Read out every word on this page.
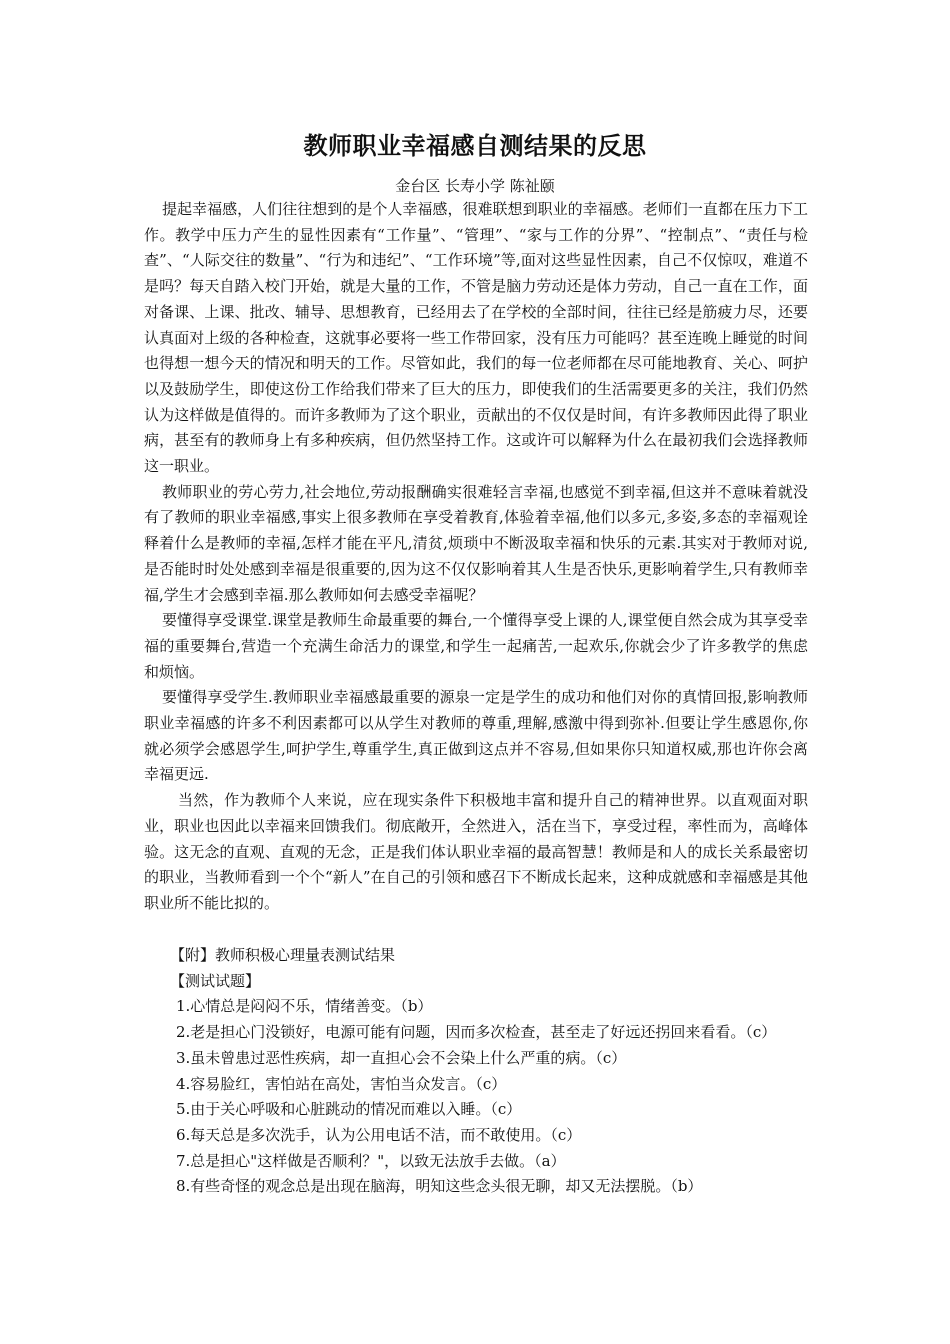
教师职业幸福感自测结果的反思
金台区 长寿小学 陈祉颐

提起幸福感，人们往往想到的是个人幸福感，很难联想到职业的幸福感。老师们一直都在压力下工作。教学中压力产生的显性因素有“工作量”、“管理”、“家与工作的分界”、“控制点”、“责任与检查”、“人际交往的数量”、“行为和违纪”、“工作环境”等,面对这些显性因素，自己不仅惊叹，难道不是吗？每天自踏入校门开始，就是大量的工作，不管是脑力劳动还是体力劳动，自己一直在工作，面对备课、上课、批改、辅导、思想教育，已经用去了在学校的全部时间，往往已经是筋疲力尽，还要认真面对上级的各种检查，这就事必要将一些工作带回家，没有压力可能吗？甚至连晚上睡觉的时间也得想一想今天的情况和明天的工作。尽管如此，我们的每一位老师都在尽可能地教育、关心、呵护以及鼓励学生，即使这份工作给我们带来了巨大的压力，即使我们的生活需要更多的关注，我们仍然认为这样做是值得的。而许多教师为了这个职业，贡献出的不仅仅是时间，有许多教师因此得了职业病，甚至有的教师身上有多种疾病，但仍然坚持工作。这或许可以解释为什么在最初我们会选择教师这一职业。

教师职业的劳心劳力,社会地位,劳动报酬确实很难轻言幸福,也感觉不到幸福,但这并不意味着就没有了教师的职业幸福感,事实上很多教师在享受着教育,体验着幸福,他们以多元,多姿,多态的幸福观诠释着什么是教师的幸福,怎样才能在平凡,清贫,烦琐中不断汲取幸福和快乐的元素.其实对于教师对说,是否能时时处处感到幸福是很重要的,因为这不仅仅影响着其人生是否快乐,更影响着学生,只有教师幸福,学生才会感到幸福.那么教师如何去感受幸福呢？

要懂得享受课堂.课堂是教师生命最重要的舞台,一个懂得享受上课的人,课堂便自然会成为其享受幸福的重要舞台,营造一个充满生命活力的课堂,和学生一起痛苦,一起欢乐,你就会少了许多教学的焦虑和烦恼。

要懂得享受学生.教师职业幸福感最重要的源泉一定是学生的成功和他们对你的真情回报,影响教师职业幸福感的许多不利因素都可以从学生对教师的尊重,理解,感激中得到弥补.但要让学生感恩你,你就必须学会感恩学生,呵护学生,尊重学生,真正做到这点并不容易,但如果你只知道权威,那也许你会离幸福更远.

当然，作为教师个人来说，应在现实条件下积极地丰富和提升自己的精神世界。以直观面对职业，职业也因此以幸福来回馈我们。彻底敞开，全然进入，活在当下，享受过程，率性而为，高峰体验。这无念的直观、直观的无念，正是我们体认职业幸福的最高智慧！教师是和人的成长关系最密切的职业，当教师看到一个个“新人”在自己的引领和感召下不断成长起来，这种成就感和幸福感是其他职业所不能比拟的。

【附】教师积极心理量表测试结果

【测试试题】

1.心情总是闷闷不乐，情绪善变。（b）

2.老是担心门没锁好，电源可能有问题，因而多次检查，甚至走了好远还拐回来看看。（c）

3.虽未曾患过恶性疾病，却一直担心会不会染上什么严重的病。（c）

4.容易脸红，害怕站在高处，害怕当众发言。（c）

5.由于关心呼吸和心脏跳动的情况而难以入睡。（c）

6.每天总是多次洗手，认为公用电话不洁，而不敢使用。（c）

7.总是担心"这样做是否顺利？"，以致无法放手去做。（a）

8.有些奇怪的观念总是出现在脑海，明知这些念头很无聊，却又无法摆脱。（b）
